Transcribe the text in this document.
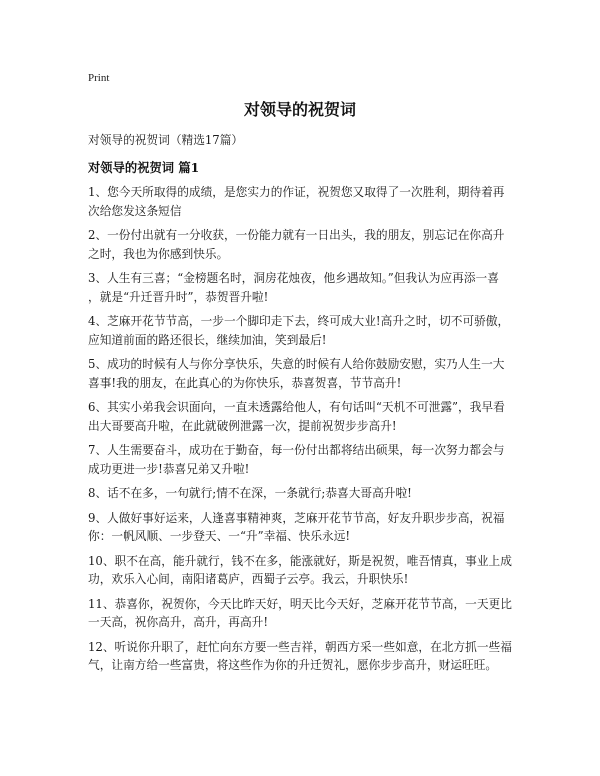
Print
对领导的祝贺词
对领导的祝贺词（精选17篇）
对领导的祝贺词 篇1

1、您今天所取得的成绩，是您实力的作证，祝贺您又取得了一次胜利，期待着再
次给您发这条短信

2、一份付出就有一分收获，一份能力就有一日出头，我的朋友，别忘记在你高升
之时，我也为你感到快乐。

3、人生有三喜；“金榜题名时，洞房花烛夜，他乡遇故知。”但我认为应再添一喜
，就是“升迁晋升时”，恭贺晋升啦!

4、芝麻开花节节高，一步一个脚印走下去，终可成大业!高升之时，切不可骄傲，
应知道前面的路还很长，继续加油，笑到最后!

5、成功的时候有人与你分享快乐，失意的时候有人给你鼓励安慰，实乃人生一大
喜事!我的朋友，在此真心的为你快乐，恭喜贺喜，节节高升!

6、其实小弟我会识面向，一直未透露给他人，有句话叫“天机不可泄露”，我早看
出大哥要高升啦，在此就破例泄露一次，提前祝贺步步高升!

7、人生需要奋斗，成功在于勤奋，每一份付出都将结出硕果，每一次努力都会与
成功更进一步!恭喜兄弟又升啦!

8、话不在多，一句就行;情不在深，一条就行;恭喜大哥高升啦!

9、人做好事好运来，人逢喜事精神爽，芝麻开花节节高，好友升职步步高，祝福
你：一帆风顺、一步登天、一“升”幸福、快乐永远!

10、职不在高，能升就行，钱不在多，能涨就好，斯是祝贺，唯吾情真，事业上成
功，欢乐入心间，南阳诸葛庐，西蜀子云亭。我云，升职快乐!

11、恭喜你，祝贺你，今天比昨天好，明天比今天好，芝麻开花节节高，一天更比
一天高，祝你高升，高升，再高升!

12、听说你升职了，赶忙向东方要一些吉祥，朝西方采一些如意，在北方抓一些福
气，让南方给一些富贵，将这些作为你的升迁贺礼，愿你步步高升，财运旺旺。
